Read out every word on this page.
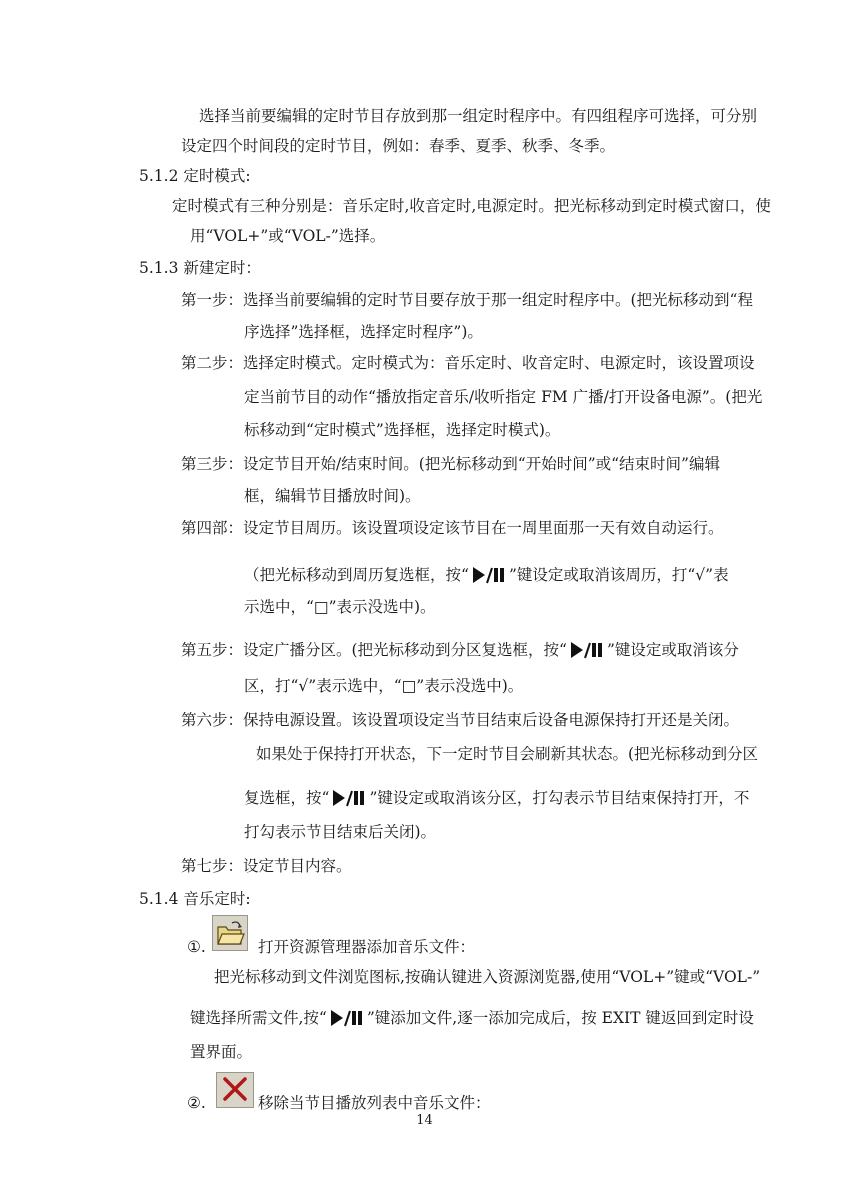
选择当前要编辑的定时节目存放到那一组定时程序中。有四组程序可选择，可分别
设定四个时间段的定时节目，例如：春季、夏季、秋季、冬季。
5.1.2 定时模式:
定时模式有三种分别是：音乐定时,收音定时,电源定时。把光标移动到定时模式窗口，使
用“VOL+”或“VOL-”选择。
5.1.3 新建定时：
第一步：选择当前要编辑的定时节目要存放于那一组定时程序中。(把光标移动到“程
序选择”选择框，选择定时程序”)。
第二步：选择定时模式。定时模式为：音乐定时、收音定时、电源定时，该设置项设
定当前节目的动作“播放指定音乐/收听指定 FM 广播/打开设备电源”。(把光
标移动到“定时模式”选择框，选择定时模式)。
第三步：设定节目开始/结束时间。(把光标移动到“开始时间”或“结束时间”编辑
框，编辑节目播放时间)。
第四部：设定节目周历。该设置项设定该节目在一周里面那一天有效自动运行。
（把光标移动到周历复选框，按“	”键设定或取消该周历，打“√”表
示选中，“□”表示没选中)。
第五步：设定广播分区。(把光标移动到分区复选框，按“	”键设定或取消该分
区，打“√”表示选中，“□”表示没选中)。
第六步：保持电源设置。该设置项设定当节目结束后设备电源保持打开还是关闭。
如果处于保持打开状态，下一定时节目会刷新其状态。(把光标移动到分区
复选框，按“	”键设定或取消该分区，打勾表示节目结束保持打开，不
打勾表示节目结束后关闭)。
第七步：设定节目内容。
5.1.4 音乐定时:
①.	打开资源管理器添加音乐文件：
把光标移动到文件浏览图标,按确认键进入资源浏览器,使用“VOL+”键或“VOL-”
键选择所需文件,按“	”键添加文件,逐一添加完成后，按 EXIT 键返回到定时设
置界面。
②.	移除当节目播放列表中音乐文件：
14
